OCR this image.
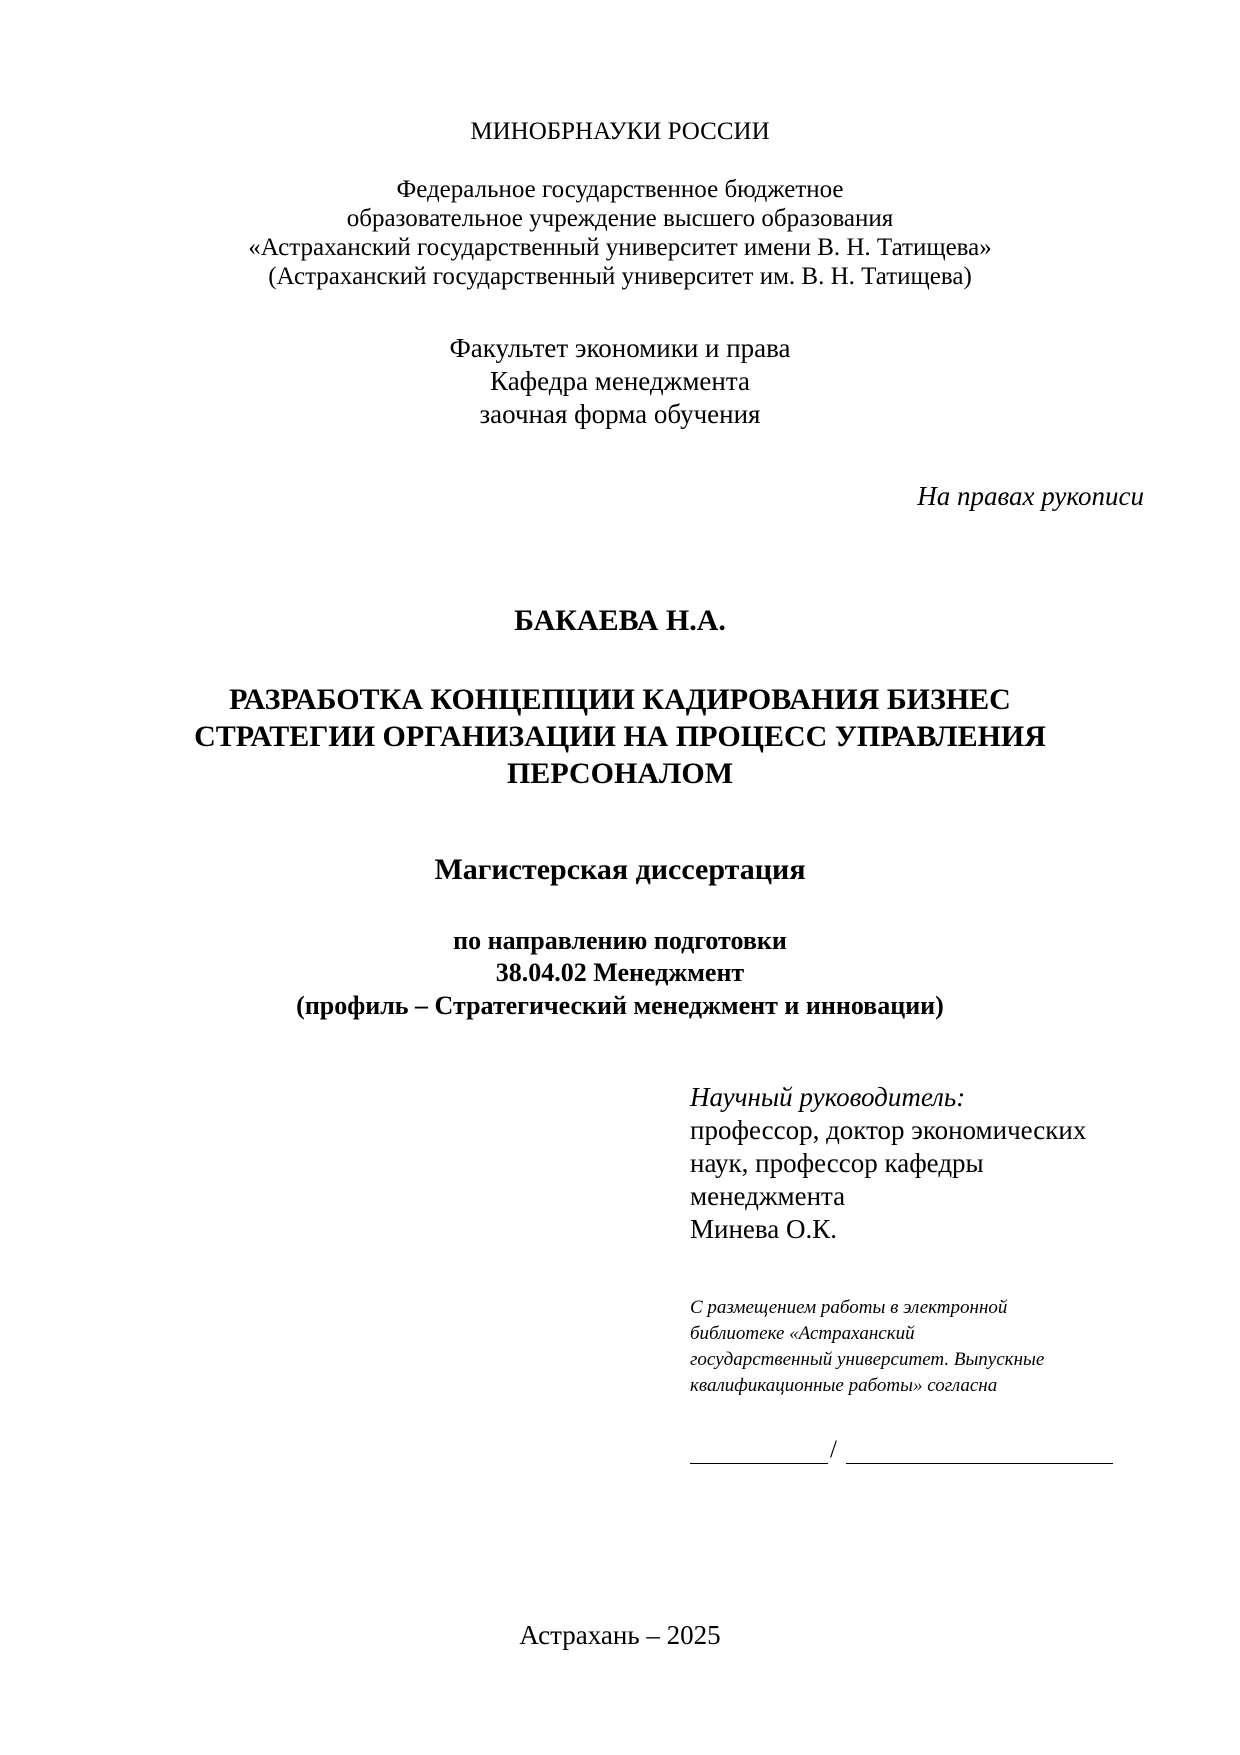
МИНОБРНАУКИ РОССИИ
Федеральное государственное бюджетное
образовательное учреждение высшего образования
«Астраханский государственный университет имени В. Н. Татищева»
(Астраханский государственный университет им. В. Н. Татищева)
Факультет экономики и права
Кафедра менеджмента
заочная форма обучения
На правах рукописи
БАКАЕВА Н.А.
РАЗРАБОТКА КОНЦЕПЦИИ КАДИРОВАНИЯ БИЗНЕС
СТРАТЕГИИ ОРГАНИЗАЦИИ НА ПРОЦЕСС УПРАВЛЕНИЯ
ПЕРСОНАЛОМ
Магистерская диссертация
по направлению подготовки
38.04.02 Менеджмент
(профиль – Стратегический менеджмент и инновации)
Научный руководитель:
профессор, доктор экономических
наук, профессор кафедры
менеджмента
Минева О.К.
С размещением работы в электронной
библиотеке «Астраханский
государственный университет. Выпускные
квалификационные работы» согласна
/
Астрахань – 2025
